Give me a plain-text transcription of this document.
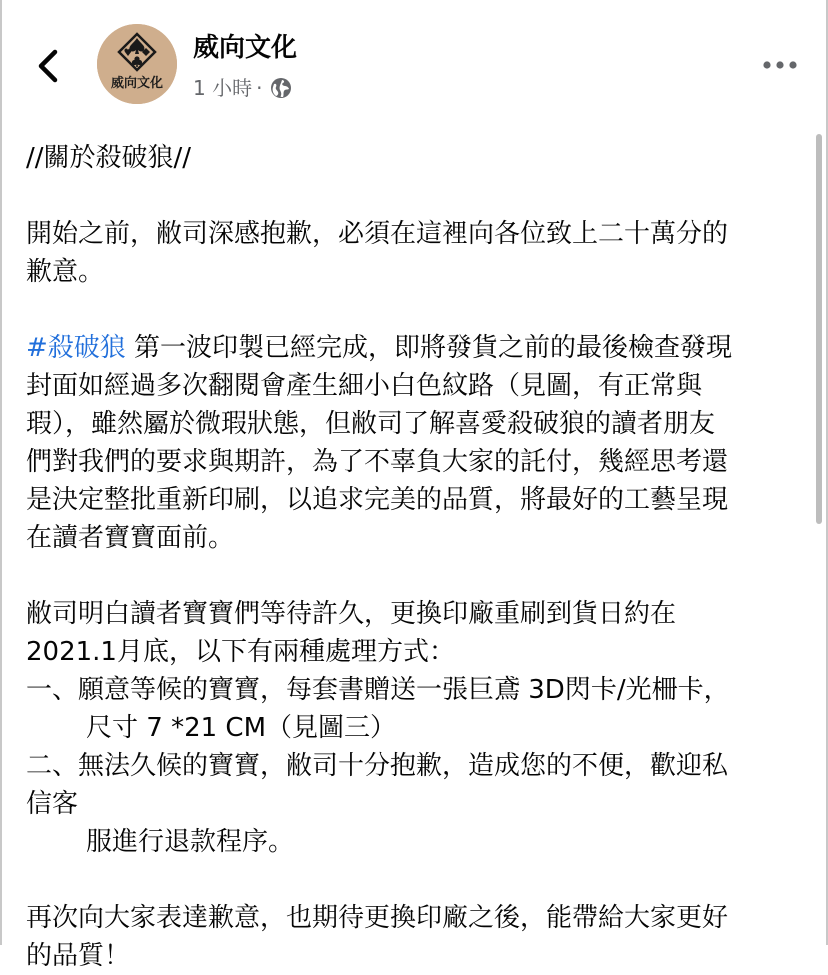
威向文化
威向文化
1 小時 ·

//關於殺破狼//

開始之前，敝司深感抱歉，必須在這裡向各位致上二十萬分的

歉意。

#殺破狼 第一波印製已經完成，即將發貨之前的最後檢查發現

封面如經過多次翻閱會產生細小白色紋路（見圖，有正常與

瑕），雖然屬於微瑕狀態，但敝司了解喜愛殺破狼的讀者朋友

們對我們的要求與期許，為了不辜負大家的託付，幾經思考還

是決定整批重新印刷，以追求完美的品質，將最好的工藝呈現

在讀者寶寶面前。

敝司明白讀者寶寶們等待許久，更換印廠重刷到貨日約在

2021.1月底，以下有兩種處理方式：

一、願意等候的寶寶，每套書贈送一張巨鳶 3D閃卡/光柵卡，

尺寸 7 *21 CM（見圖三）

二、無法久候的寶寶，敝司十分抱歉，造成您的不便，歡迎私

信客

服進行退款程序。

再次向大家表達歉意，也期待更換印廠之後，能帶給大家更好

的品質！
